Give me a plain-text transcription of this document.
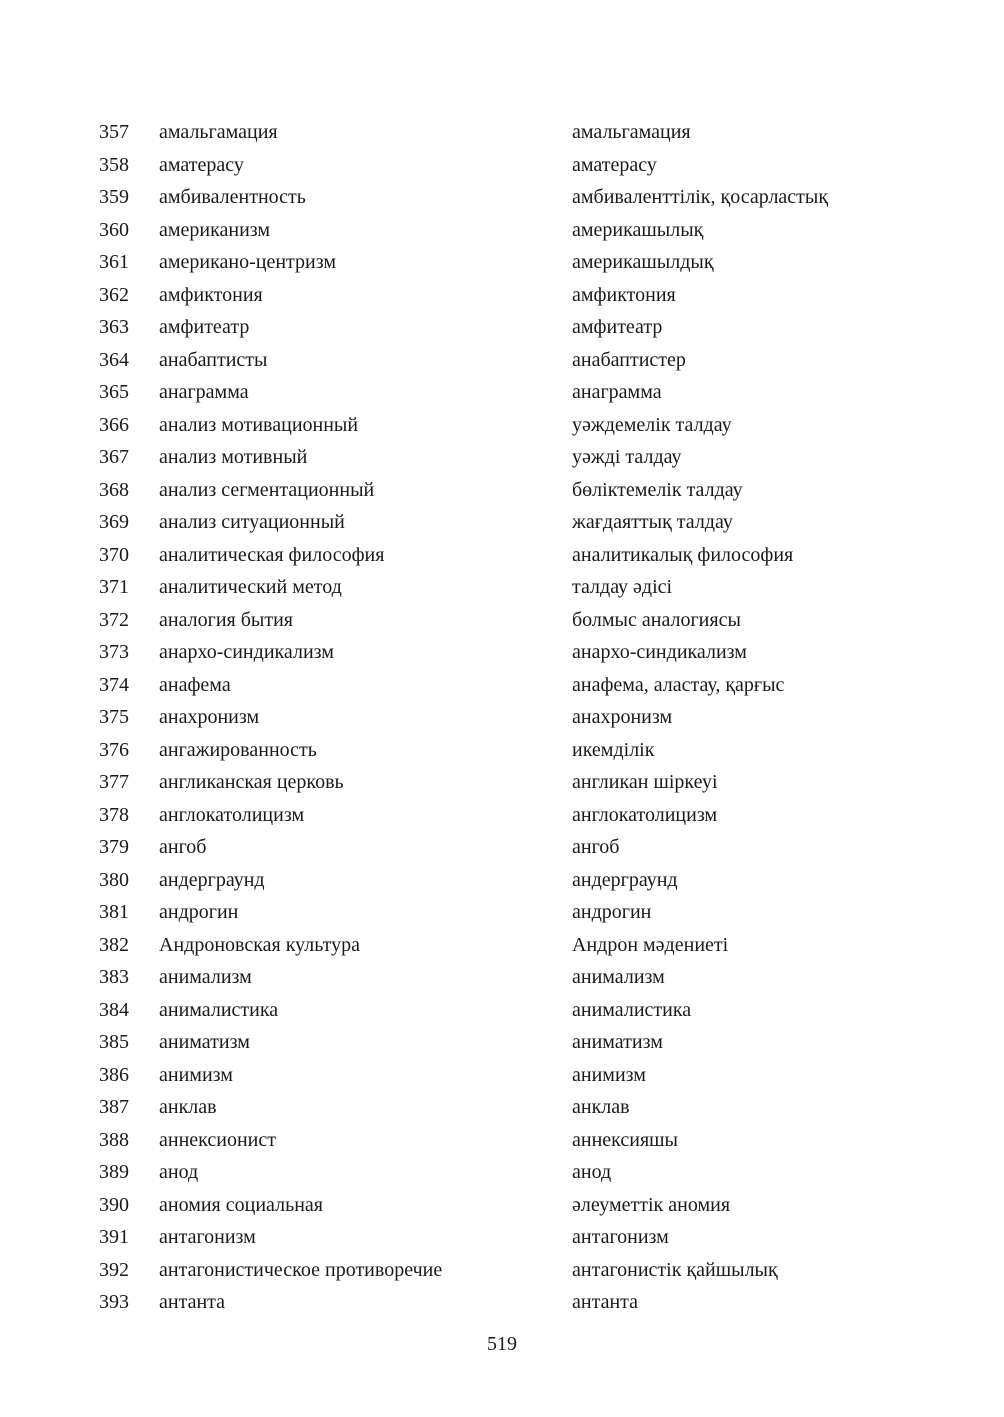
357 амальгамация	амальгамация
358 аматерасу	аматерасу
359 амбивалентность	амбиваленттілік, қосарластық
360 американизм	америкашылық
361 американо-центризм	америкашылдық
362 амфиктония	амфиктония
363 амфитеатр	амфитеатр
364 анабаптисты	анабаптистер
365 анаграмма	анаграмма
366 анализ мотивационный	уәждемелік талдау
367 анализ мотивный	уәжді талдау
368 анализ сегментационный	бөліктемелік талдау
369 анализ ситуационный	жағдаяттық талдау
370 аналитическая философия	аналитикалық философия
371 аналитический метод	талдау әдісі
372 аналогия бытия	болмыс аналогиясы
373 анархо-синдикализм	анархо-синдикализм
374 анафема	анафема, аластау, қарғыс
375 анахронизм	анахронизм
376 ангажированность	икемділік
377 англиканская церковь	англикан шіркеуі
378 англокатолицизм	англокатолицизм
379 ангоб	ангоб
380 андерграунд	андерграунд
381 андрогин	андрогин
382 Андроновская культура	Андрон мәдениеті
383 анимализм	анимализм
384 анималистика	анималистика
385 аниматизм	аниматизм
386 анимизм	анимизм
387 анклав	анклав
388 аннексионист	аннексияшы
389 анод	анод
390 аномия социальная	әлеуметтік аномия
391 антагонизм	антагонизм
392 антагонистическое противоречие	антагонистік қайшылық
393 антанта	антанта
519
